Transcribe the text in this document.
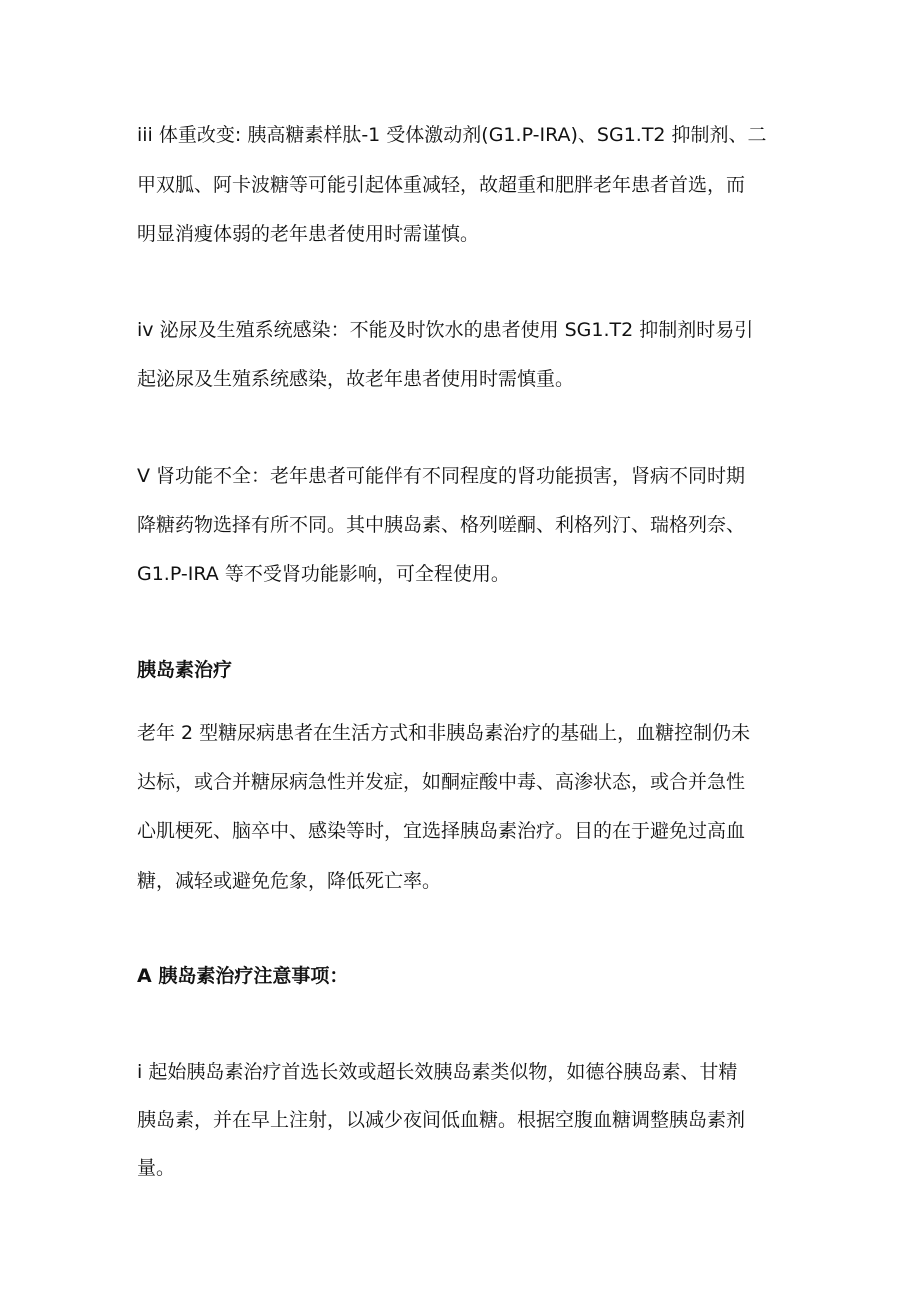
iii 体重改变: 胰高糖素样肽-1 受体激动剂(G1.P-IRA)、SG1.T2 抑制剂、二
甲双胍、阿卡波糖等可能引起体重减轻，故超重和肥胖老年患者首选，而
明显消瘦体弱的老年患者使用时需谨慎。
iv 泌尿及生殖系统感染：不能及时饮水的患者使用 SG1.T2 抑制剂时易引
起泌尿及生殖系统感染，故老年患者使用时需慎重。
V 肾功能不全：老年患者可能伴有不同程度的肾功能损害，肾病不同时期
降糖药物选择有所不同。其中胰岛素、格列嗟酮、利格列汀、瑞格列奈、
G1.P-IRA 等不受肾功能影响，可全程使用。
胰岛素治疗
老年 2 型糖尿病患者在生活方式和非胰岛素治疗的基础上，血糖控制仍未
达标，或合并糖尿病急性并发症，如酮症酸中毒、高渗状态，或合并急性
心肌梗死、脑卒中、感染等时，宜选择胰岛素治疗。目的在于避免过高血
糖，减轻或避免危象，降低死亡率。
A 胰岛素治疗注意事项：
i 起始胰岛素治疗首选长效或超长效胰岛素类似物，如德谷胰岛素、甘精
胰岛素，并在早上注射，以减少夜间低血糖。根据空腹血糖调整胰岛素剂
量。
